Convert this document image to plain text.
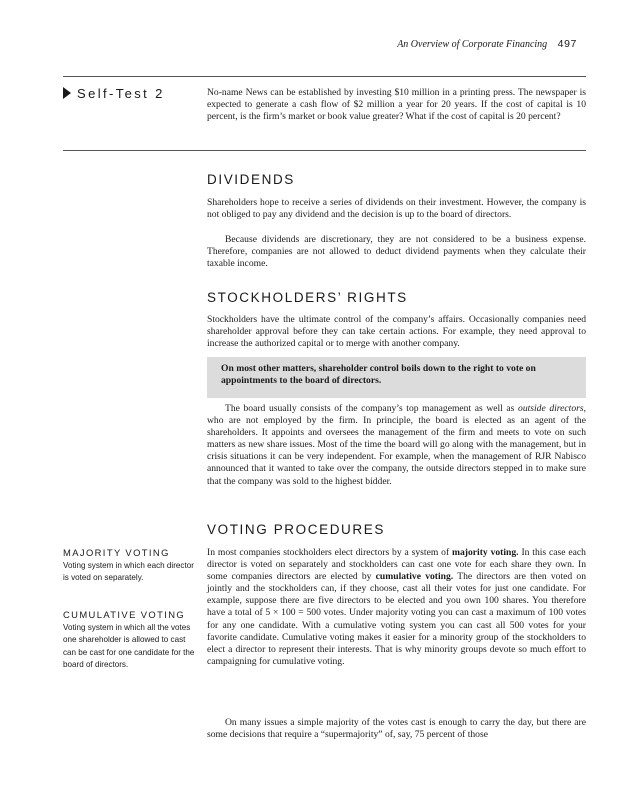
An Overview of Corporate Financing 497
Self-Test 2	No-name News can be established by investing $10 million in a printing press. The newspaper is expected to generate a cash flow of $2 million a year for 20 years. If the cost of capital is 10 percent, is the firm’s market or book value greater? What if the cost of capital is 20 percent?
DIVIDENDS
Shareholders hope to receive a series of dividends on their investment. However, the company is not obliged to pay any dividend and the decision is up to the board of directors.
Because dividends are discretionary, they are not considered to be a business expense. Therefore, companies are not allowed to deduct dividend payments when they calculate their taxable income.
STOCKHOLDERS’ RIGHTS
Stockholders have the ultimate control of the company’s affairs. Occasionally companies need shareholder approval before they can take certain actions. For example, they need approval to increase the authorized capital or to merge with another company.
On most other matters, shareholder control boils down to the right to vote on appointments to the board of directors.
The board usually consists of the company’s top management as well as outside directors, who are not employed by the firm. In principle, the board is elected as an agent of the shareholders. It appoints and oversees the management of the firm and meets to vote on such matters as new share issues. Most of the time the board will go along with the management, but in crisis situations it can be very independent. For example, when the management of RJR Nabisco announced that it wanted to take over the company, the outside directors stepped in to make sure that the company was sold to the highest bidder.
VOTING PROCEDURES
In most companies stockholders elect directors by a system of majority voting. In this case each director is voted on separately and stockholders can cast one vote for each share they own. In some companies directors are elected by cumulative voting. The directors are then voted on jointly and the stockholders can, if they choose, cast all their votes for just one candidate. For example, suppose there are five directors to be elected and you own 100 shares. You therefore have a total of 5 × 100 = 500 votes. Under majority voting you can cast a maximum of 100 votes for any one candidate. With a cumulative voting system you can cast all 500 votes for your favorite candidate. Cumulative voting makes it easier for a minority group of the stockholders to elect a director to represent their interests. That is why minority groups devote so much effort to campaigning for cumulative voting.
On many issues a simple majority of the votes cast is enough to carry the day, but there are some decisions that require a “supermajority” of, say, 75 percent of those
MAJORITY VOTING
Voting system in which each director is voted on separately.
CUMULATIVE VOTING
Voting system in which all the votes one shareholder is allowed to cast can be cast for one candidate for the board of directors.
